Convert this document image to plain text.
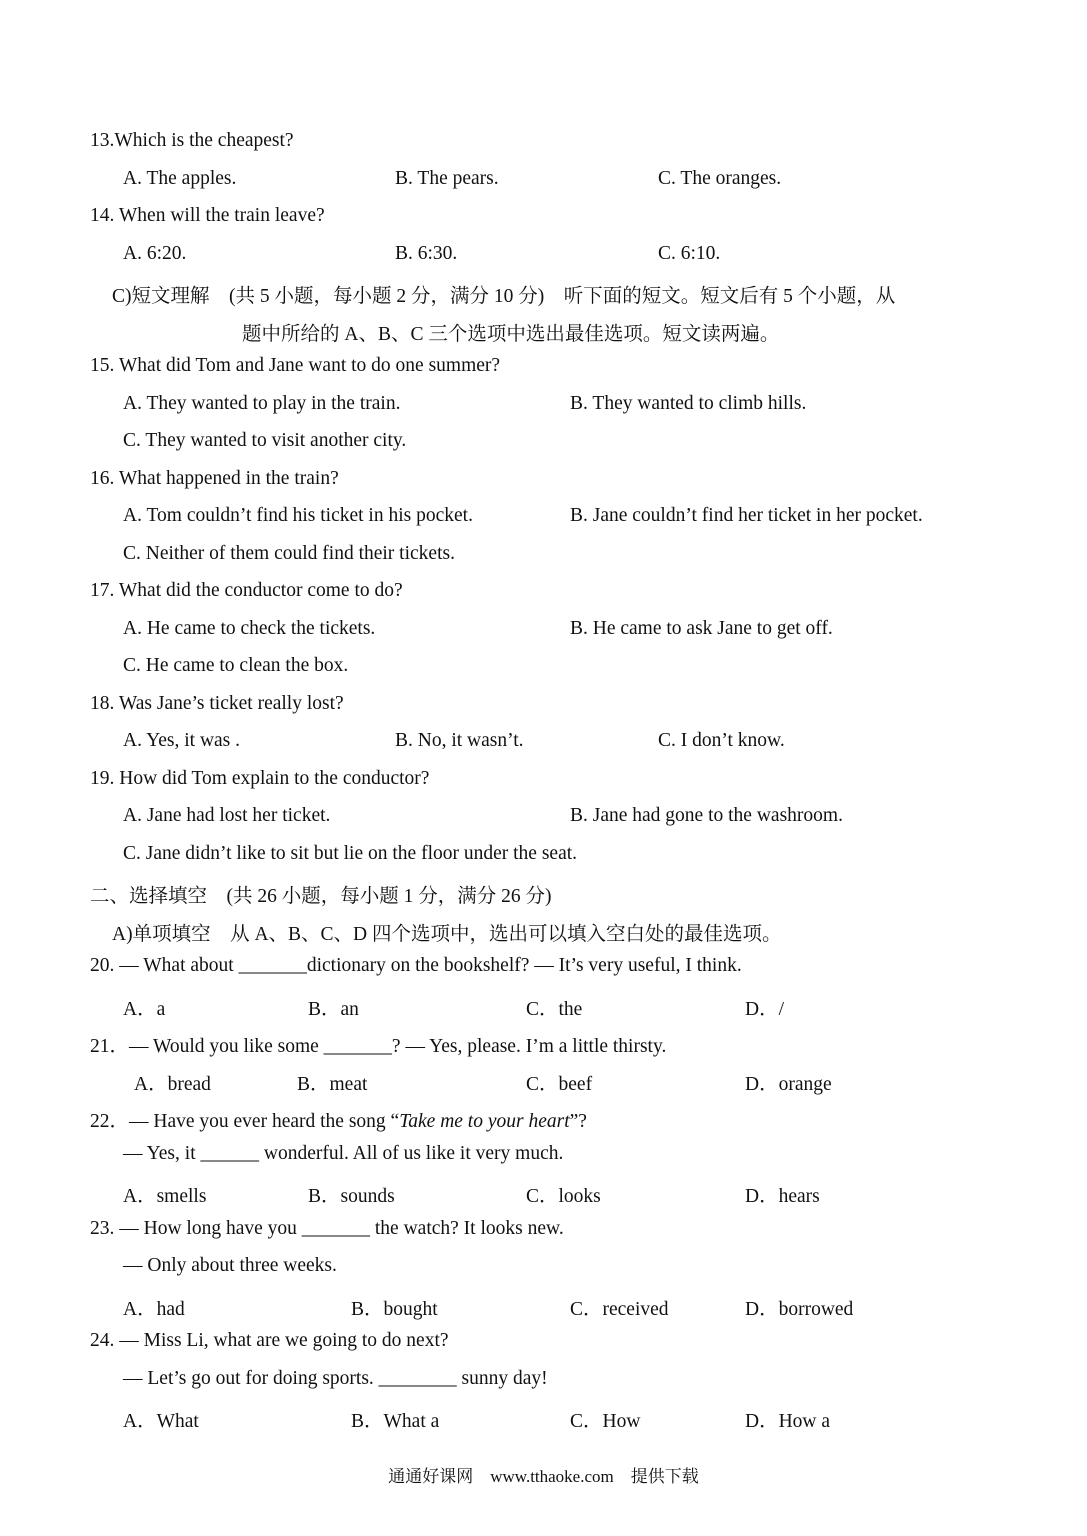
13.Which is the cheapest?
A. The apples.	B. The pears.	C. The oranges.
14. When will the train leave?
A. 6:20.	B. 6:30.	C. 6:10.
C)短文理解　(共 5 小题，每小题 2 分，满分 10 分)　听下面的短文。短文后有 5 个小题，从
题中所给的 A、B、C 三个选项中选出最佳选项。短文读两遍。
15. What did Tom and Jane want to do one summer?
A. They wanted to play in the train.	B. They wanted to climb hills.
C. They wanted to visit another city.
16. What happened in the train?
A. Tom couldn’t find his ticket in his pocket.	B. Jane couldn’t find her ticket in her pocket.
C. Neither of them could find their tickets.
17. What did the conductor come to do?
A. He came to check the tickets.	B. He came to ask Jane to get off.
C. He came to clean the box.
18. Was Jane’s ticket really lost?
A. Yes, it was .	B. No, it wasn’t.	C. I don’t know.
19. How did Tom explain to the conductor?
A. Jane had lost her ticket.	B. Jane had gone to the washroom.
C. Jane didn’t like to sit but lie on the floor under the seat.
二、选择填空　(共 26 小题，每小题 1 分，满分 26 分)
A)单项填空　从 A、B、C、D 四个选项中，选出可以填入空白处的最佳选项。
20. — What about _______dictionary on the bookshelf? — It’s very useful, I think.
A．a	B．an	C．the	D．/
21．— Would you like some _______? — Yes, please. I’m a little thirsty.
A．bread	B．meat	C．beef	D．orange
22．— Have you ever heard the song “Take me to your heart”?
— Yes, it ______ wonderful. All of us like it very much.
A．smells	B．sounds	C．looks	D．hears
23. — How long have you _______ the watch? It looks new.
— Only about three weeks.
A．had	B．bought	C．received	D．borrowed
24. — Miss Li, what are we going to do next?
— Let’s go out for doing sports. ________ sunny day!
A．What	B．What a	C．How	D．How a
通通好课网　www.tthaoke.com　提供下载
